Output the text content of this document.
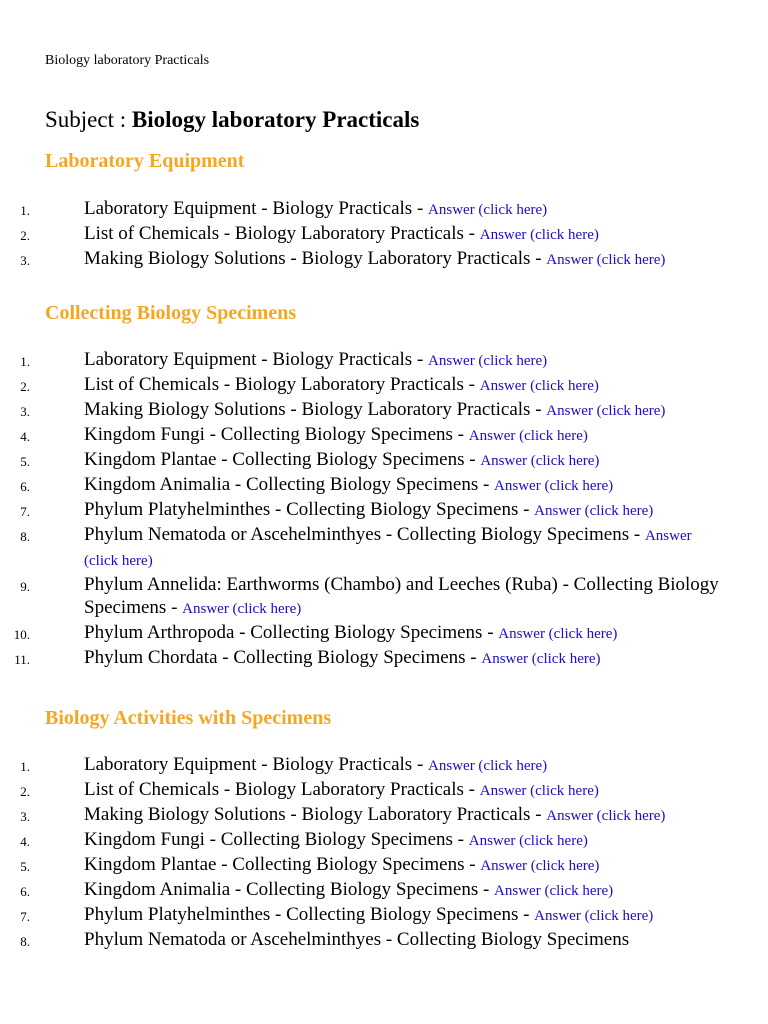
Biology laboratory Practicals
Subject : Biology laboratory Practicals
Laboratory Equipment
1.	Laboratory Equipment - Biology Practicals - Answer (click here)
2.	List of Chemicals - Biology Laboratory Practicals - Answer (click here)
3.	Making Biology Solutions - Biology Laboratory Practicals - Answer (click here)
Collecting Biology Specimens
1.	Laboratory Equipment - Biology Practicals - Answer (click here)
2.	List of Chemicals - Biology Laboratory Practicals - Answer (click here)
3.	Making Biology Solutions - Biology Laboratory Practicals - Answer (click here)
4.	Kingdom Fungi - Collecting Biology Specimens - Answer (click here)
5.	Kingdom Plantae - Collecting Biology Specimens - Answer (click here)
6.	Kingdom Animalia - Collecting Biology Specimens - Answer (click here)
7.	Phylum Platyhelminthes - Collecting Biology Specimens - Answer (click here)
8.	Phylum Nematoda or Ascehelminthyes - Collecting Biology Specimens - Answer (click here)
9.	Phylum Annelida: Earthworms (Chambo) and Leeches (Ruba) - Collecting Biology Specimens - Answer (click here)
10.	Phylum Arthropoda - Collecting Biology Specimens - Answer (click here)
11.	Phylum Chordata - Collecting Biology Specimens - Answer (click here)
Biology Activities with Specimens
1.	Laboratory Equipment - Biology Practicals - Answer (click here)
2.	List of Chemicals - Biology Laboratory Practicals - Answer (click here)
3.	Making Biology Solutions - Biology Laboratory Practicals - Answer (click here)
4.	Kingdom Fungi - Collecting Biology Specimens - Answer (click here)
5.	Kingdom Plantae - Collecting Biology Specimens - Answer (click here)
6.	Kingdom Animalia - Collecting Biology Specimens - Answer (click here)
7.	Phylum Platyhelminthes - Collecting Biology Specimens - Answer (click here)
8.	Phylum Nematoda or Ascehelminthyes - Collecting Biology Specimens
